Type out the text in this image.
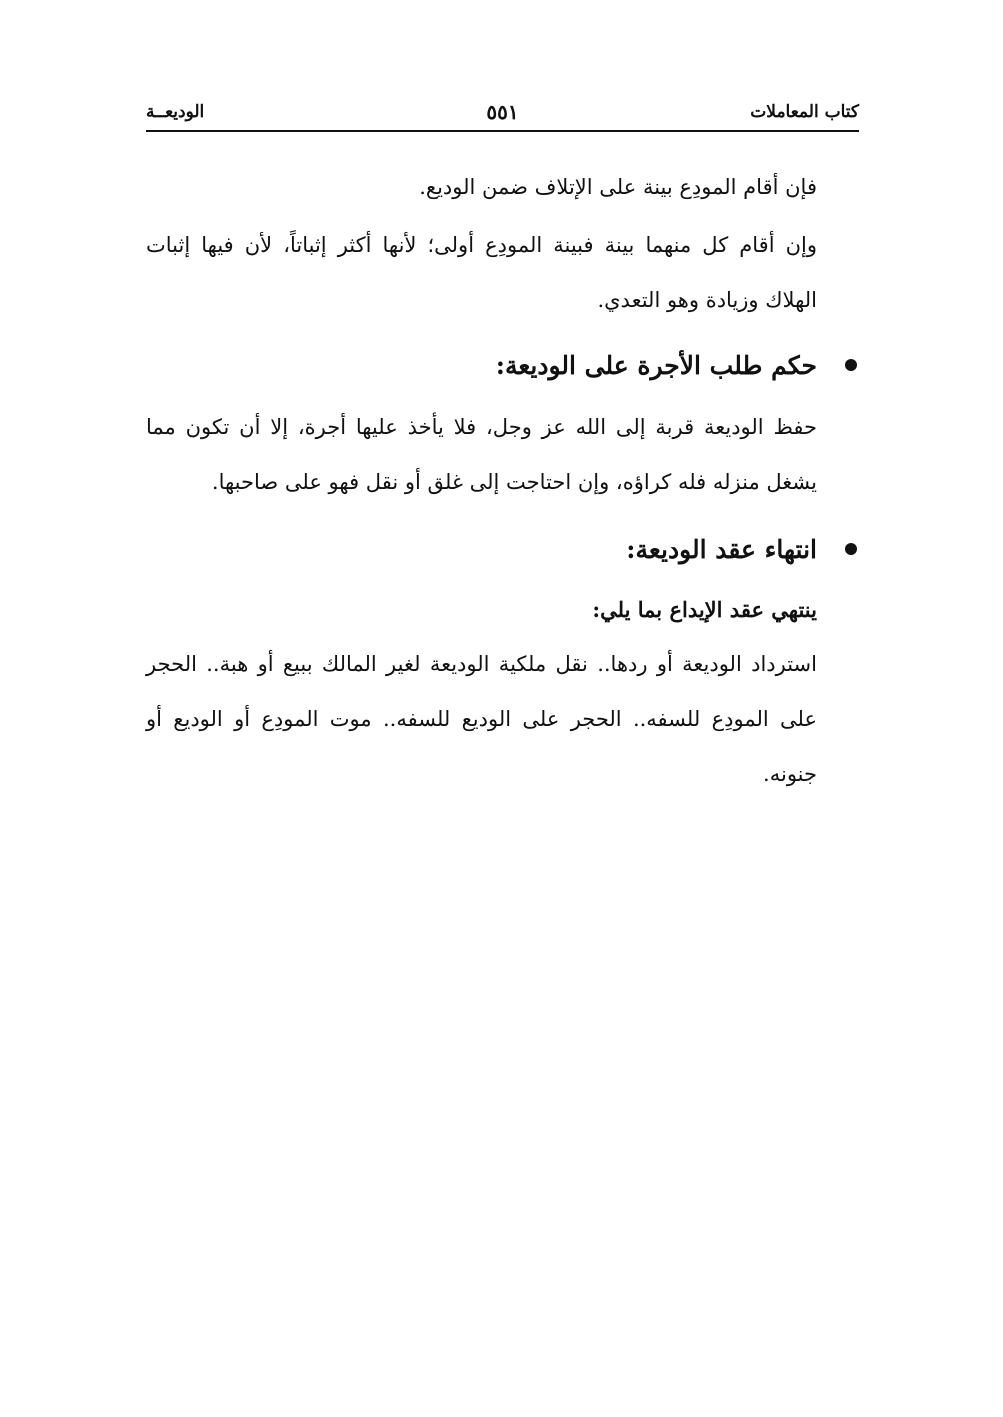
كتاب المعاملات
٥٥١
الوديعــة

فإن أقام المودِع بينة على الإتلاف ضمن الوديع.

وإن أقام كل منهما بينة فبينة المودِع أولى؛ لأنها أكثر إثباتاً، لأن فيها إثبات الهلاك وزيادة وهو التعدي.

حكم طلب الأجرة على الوديعة:

حفظ الوديعة قربة إلى الله عز وجل، فلا يأخذ عليها أجرة، إلا أن تكون مما يشغل منزله فله كراؤه، وإن احتاجت إلى غلق أو نقل فهو على صاحبها.

انتهاء عقد الوديعة:

ينتهي عقد الإيداع بما يلي:

استرداد الوديعة أو ردها.. نقل ملكية الوديعة لغير المالك ببيع أو هبة.. الحجر على المودِع للسفه.. الحجر على الوديع للسفه.. موت المودِع أو الوديع أو جنونه.
